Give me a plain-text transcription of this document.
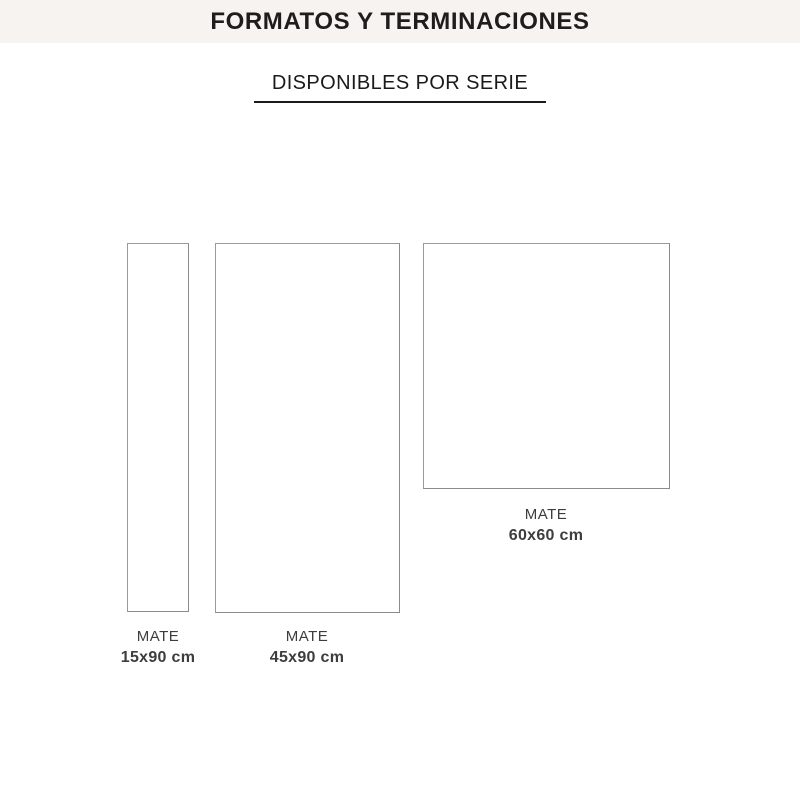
FORMATOS Y TERMINACIONES
DISPONIBLES POR SERIE
MATE
15x90 cm
MATE
45x90 cm
MATE
60x60 cm
